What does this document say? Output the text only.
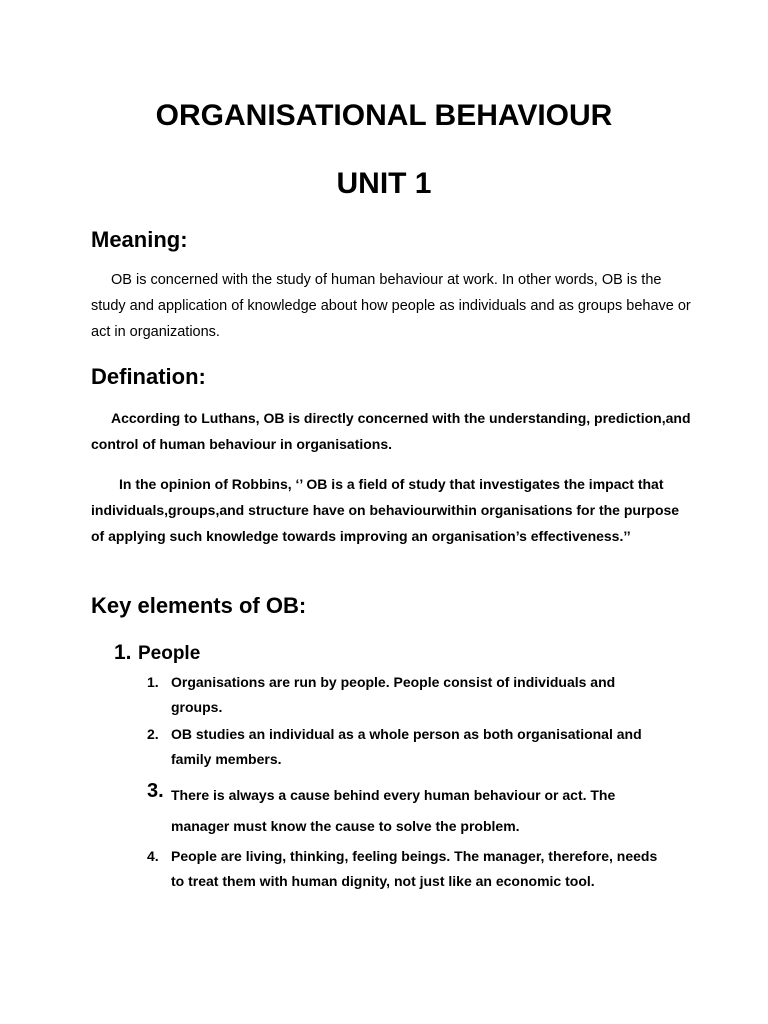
ORGANISATIONAL BEHAVIOUR
UNIT 1
Meaning:

OB is concerned with the study of human behaviour at work. In other words, OB is the study and application of knowledge about how people as individuals and as groups behave or act in organizations.

Defination:

According to Luthans, OB is directly concerned with the understanding, prediction,and control of human behaviour in organisations.

In the opinion of Robbins, ‘’ OB is a field of study that investigates the impact that individuals,groups,and structure have on behaviourwithin organisations for the purpose of applying such knowledge towards improving an organisation’s effectiveness.’’

Key elements of OB:
1. People
1. Organisations are run by people. People consist of individuals and groups.
2. OB studies an individual as a whole person as both organisational and family members.
3. There is always a cause behind every human behaviour or act. The manager must know the cause to solve the problem.
4. People are living, thinking, feeling beings. The manager, therefore, needs to treat them with human dignity, not just like an economic tool.
